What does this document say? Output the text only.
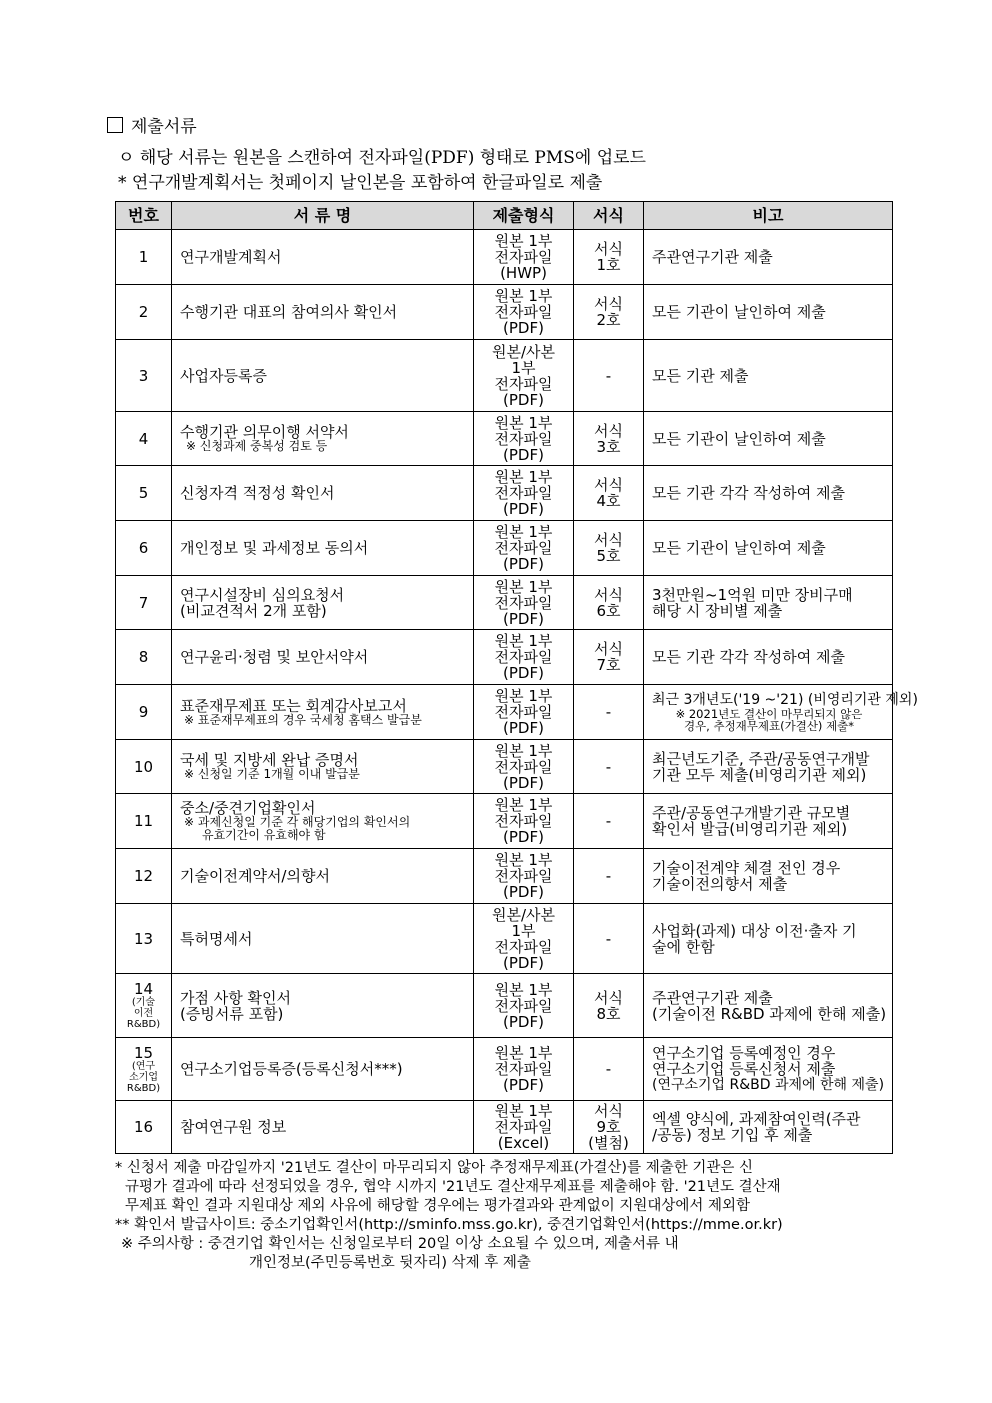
제출서류
ㅇ 해당 서류는 원본을 스캔하여 전자파일(PDF) 형태로 PMS에 업로드
* 연구개발계획서는 첫페이지 날인본을 포함하여 한글파일로 제출
번호	서 류 명	제출형식	서식	비고
1	연구개발계획서	원본 1부
전자파일
(HWP)	서식
1호	주관연구기관 제출

2	수행기관 대표의 참여의사 확인서	원본 1부
전자파일
(PDF)	서식
2호	모든 기관이 날인하여 제출

3	사업자등록증	원본/사본
1부
전자파일
(PDF)	-	모든 기관 제출

4	수행기관 의무이행 서약서
※ 신청과제 중복성 검토 등	원본 1부
전자파일
(PDF)	서식
3호	모든 기관이 날인하여 제출

5	신청자격 적정성 확인서	원본 1부
전자파일
(PDF)	서식
4호	모든 기관 각각 작성하여 제출

6	개인정보 및 과세정보 동의서	원본 1부
전자파일
(PDF)	서식
5호	모든 기관이 날인하여 제출

7	연구시설장비 심의요청서
(비교견적서 2개 포함)	원본 1부
전자파일
(PDF)	서식
6호	3천만원~1억원 미만 장비구매
해당 시 장비별 제출

8	연구윤리·청렴 및 보안서약서	원본 1부
전자파일
(PDF)	서식
7호	모든 기관 각각 작성하여 제출

9	표준재무제표 또는 회계감사보고서
※ 표준재무제표의 경우 국세청 홈택스 발급분	원본 1부
전자파일
(PDF)	-	최근 3개년도('19 ~'21) (비영리기관 제외)
※ 2021년도 결산이 마무리되지 않은
경우, 추정재무제표(가결산) 제출*

10	국세 및 지방세 완납 증명서
※ 신청일 기준 1개월 이내 발급분	원본 1부
전자파일
(PDF)	-	최근년도기준, 주관/공동연구개발
기관 모두 제출(비영리기관 제외)

11	중소/중견기업확인서
※ 과제신청일 기준 각 해당기업의 확인서의
유효기간이 유효해야 함	원본 1부
전자파일
(PDF)	-	주관/공동연구개발기관 규모별
확인서 발급(비영리기관 제외)

12	기술이전계약서/의향서	원본 1부
전자파일
(PDF)	-	기술이전계약 체결 전인 경우
기술이전의향서 제출

13	특허명세서	원본/사본
1부
전자파일
(PDF)	-	사업화(과제) 대상 이전·출자 기
술에 한함

14
(기술
이전
R&BD)	가점 사항 확인서
(증빙서류 포함)	원본 1부
전자파일
(PDF)	서식
8호	주관연구기관 제출
(기술이전 R&BD 과제에 한해 제출)

15
(연구
소기업
R&BD)	연구소기업등록증(등록신청서***)	원본 1부
전자파일
(PDF)	-	연구소기업 등록예정인 경우
연구소기업 등록신청서 제출
(연구소기업 R&BD 과제에 한해 제출)

16	참여연구원 정보	원본 1부
전자파일
(Excel)	서식
9호
(별첨)	엑셀 양식에, 과제참여인력(주관
/공동) 정보 기입 후 제출
* 신청서 제출 마감일까지 '21년도 결산이 마무리되지 않아 추정재무제표(가결산)를 제출한 기관은 신
규평가 결과에 따라 선정되었을 경우, 협약 시까지 '21년도 결산재무제표를 제출해야 함. '21년도 결산재
무제표 확인 결과 지원대상 제외 사유에 해당할 경우에는 평가결과와 관계없이 지원대상에서 제외함
** 확인서 발급사이트: 중소기업확인서(http://sminfo.mss.go.kr), 중견기업확인서(https://mme.or.kr)
※ 주의사항 : 중견기업 확인서는 신청일로부터 20일 이상 소요될 수 있으며, 제출서류 내
개인정보(주민등록번호 뒷자리) 삭제 후 제출
